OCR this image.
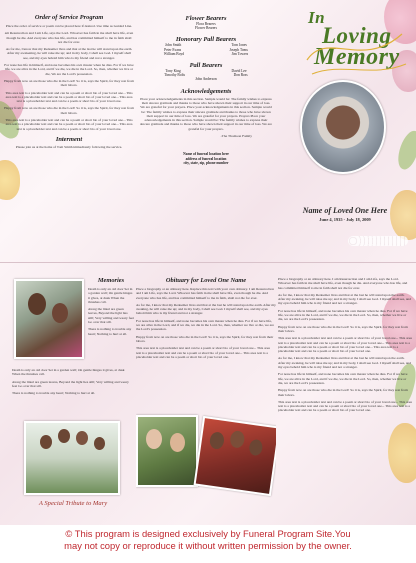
Order of Service Program

Place the order of service or poem can be placed here if desired. Use time as Guided Line.

am Resurrection and I am Life, says the Lord. Whoever has faith in me shall have life, even though he die. And everyone who has life, and has committed himself to me in faith shall not die for ever.

As for me, I know that my Redeemer lives and that at the last he will stand upon the earth. After my awakening, he will raise me up; and in my body, I shall see God. I myself shall see, and my eyes behold him who is my friend and not a stranger.

For none has life in himself, and none becomes his own master when he dies. For if we have life, we are alive in the Lord, and if we die, we die in the Lord. So, then, whether we live or die, We are the Lord's possession.

Happy from now on are those who die in the Lord! So it is, says the Spirit, for they rest from their labors.

This area text is a placeholder text and can be a poem or short bio of your loved one... This area text is a placeholder text and can be a poem or short bio of your loved one... This area text is a placeholder text and can be a poem or short bio of your loved one.

Happy from now on are those who die in the Lord! So it is, says the Spirit, for they rest from their labors.

This area text is a placeholder text and can be a poem or short bio of your loved one... This area text is a placeholder text and can be a poem or short bio of your loved one... This area text is a placeholder text and can be a poem or short bio of your loved one.

Interment

Please join us at the home of Tom Smith immediately following the service.

Flower Bearers
Flora Bearers
Flower Bearers
Honorary Pall Bearers
John Smith	Tom Jones
Peter Evans	Joseph Toms
William Boyd	Jim Towers
Pall Bearers
Tony King	David Lee
Timothy Bolts	Don Ross
John Anderson
Acknowledgements

Place your acknowledgements in this section. Sample would be: The family wishes to express their sincere gratitude and thanks to those who have shown their support in our time of loss. We are grateful for your prayers. Place your acknowledgements in this section. Sample would be: The family wishes to express their sincere gratitude and thanks to those who have shown their support in our time of loss. We are grateful for your prayers. Prayers Place your acknowledgements in this section. Sample would be: The family wishes to express their sincere gratitude and thanks to those who have shown their support in our time of loss. We are grateful for your prayers.

-The Thomson Family

Name of funeral location here
address of funeral location
city, state, zip, phone number
In
Loving
Memory
Name of Loved One Here
June 4, 1935 - July 18, 2009
Memories

Death is only an old door Set in a garden wall; On gentle hinges it gives, at dusk When the thrushes call.

Along the lintel are green leaves, Beyond the light lies still; Very willing and weary feet Go over that sill.

There is nothing to trouble any heart; Nothing to hurt at all.

Death is only an old door Set in a garden wall; On gentle hinges it gives, at dusk When the thrushes call.

Along the lintel are green leaves, Beyond the light lies still; Very willing and weary feet Go over that sill.

There is nothing to trouble any heart; Nothing to hurt at all.

A Special Tribute to Mary
Obituary for Loved One Name

Place a biography or an obituary here. Replace this text with your own obituary. I am Resurrection and I am Life, says the Lord. Whoever has faith in me shall have life, even though he die. And everyone who has life, and has committed himself to me in faith, shall not die for ever.

As for me, I know that my Redeemer lives and that at the last he will stand upon the earth. After my awaking, he will raise me up; and in my body, I shall see God. I myself shall see, and my eyes behold him who is my friend and not a stranger.

For none has life in himself, and none becomes his own master when he dies. For if we have life, we are alive in the Lord, and if we die, we die in the Lord. So, then, whether we live or die, we are the Lord's possession.

Happy from now on are those who die in the Lord! So it is, says the Spirit, for they rest from their labors.

This area text is a placeholder text and can be a poem or short bio of your loved one... This area text is a placeholder text and can be a poem or short bio of your loved one... This area text is a placeholder text and can be a poem or short bio of your loved one.

Place a biography or an obituary here. I am Resurrection and I am Life, says the Lord. Whoever has faith in me shall have life, even though he die. And everyone who has life, and has committed himself to me in faith shall not die for ever.

As for me, I know that my Redeemer lives and that at the last he will stand upon the earth. After my awaking, he will raise me up; and in my body, I shall see God. I myself shall see, and my eyes behold him who is my friend and not a stranger.

For none has life in himself, and none becomes his own master when he dies. For if we have life, we are alive in the Lord, and if we die, we die in the Lord. So, then, whether we live or die, we are the Lord's possession.

Happy from now on are those who die in the Lord! So it is, says the Spirit, for they rest from their labors.

This area text is a placeholder text and can be a poem or short bio of your loved one... This area text is a placeholder text and can be a poem or short bio of your loved one... This area text is a placeholder text and can be a poem or short bio of your loved one... This area text is a placeholder text and can be a poem or short bio of your loved one.

As for me, I know that my Redeemer lives and that at the last he will stand upon the earth. After my awaking, he will raise me up; and in my body, I shall see God. I myself shall see, and my eyes behold him who is my friend and not a stranger.

For none has life in himself, and none becomes his own master when he dies. For if we have life, we are alive in the Lord, and if we die, we die in the Lord. So, then, whether we live or die, we are the Lord's possession.

Happy from now on are those who die in the Lord! So it is, says the Spirit, for they rest from their labors.

This area text is a placeholder text and can be a poem or short bio of your loved one... This area text is a placeholder text and can be a poem or short bio of your loved one... This area text is a placeholder text and can be a poem or short bio of your loved one.

© This program is designed exclusively by Funeral Program Site.You
may not copy or reproduce it without written permission by the owner.
